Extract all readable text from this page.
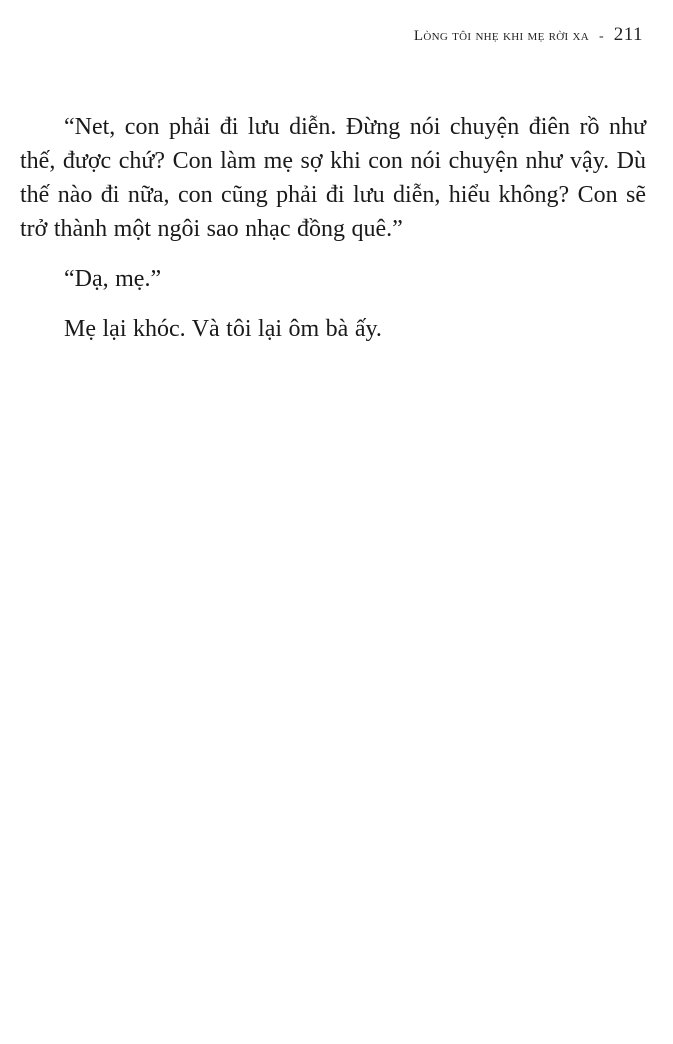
Lòng tôi nhẹ khi mẹ rời xa - 211

“Net, con phải đi lưu diễn. Đừng nói chuyện điên rồ như thế, được chứ? Con làm mẹ sợ khi con nói chuyện như vậy. Dù thế nào đi nữa, con cũng phải đi lưu diễn, hiểu không? Con sẽ trở thành một ngôi sao nhạc đồng quê.”

“Dạ, mẹ.”

Mẹ lại khóc. Và tôi lại ôm bà ấy.
